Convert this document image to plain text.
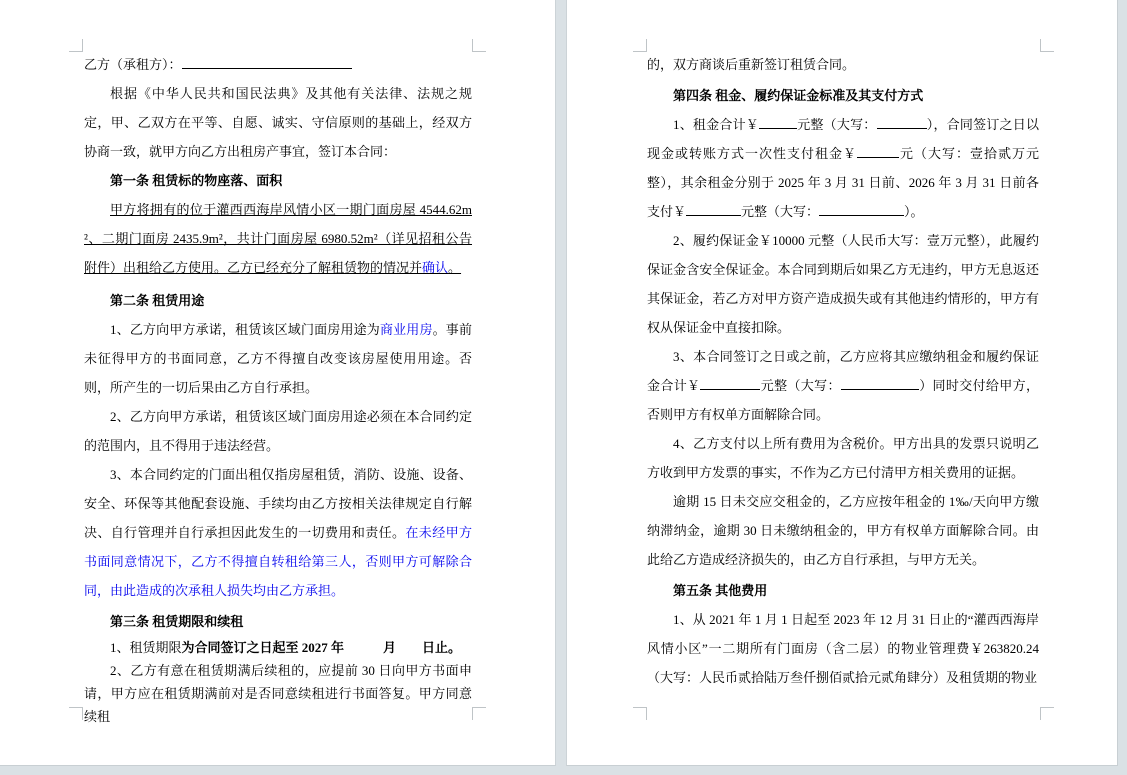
乙方（承租方）：

根据《中华人民共和国民法典》及其他有关法律、法规之规定，甲、乙双方在平等、自愿、诚实、守信原则的基础上，经双方协商一致，就甲方向乙方出租房产事宜，签订本合同：

第一条 租赁标的物座落、面积

甲方将拥有的位于灌西西海岸风情小区一期门面房屋 4544.62m²、二期门面房 2435.9m²，共计门面房屋 6980.52m²（详见招租公告附件）出租给乙方使用。乙方已经充分了解租赁物的情况并确认。

第二条 租赁用途

1、乙方向甲方承诺，租赁该区域门面房用途为商业用房。事前未征得甲方的书面同意，乙方不得擅自改变该房屋使用用途。否则，所产生的一切后果由乙方自行承担。

2、乙方向甲方承诺，租赁该区域门面房用途必须在本合同约定的范围内，且不得用于违法经营。

3、本合同约定的门面出租仅指房屋租赁，消防、设施、设备、安全、环保等其他配套设施、手续均由乙方按相关法律规定自行解决、自行管理并自行承担因此发生的一切费用和责任。在未经甲方书面同意情况下，乙方不得擅自转租给第三人，否则甲方可解除合同，由此造成的次承租人损失均由乙方承担。

第三条 租赁期限和续租

1、租赁期限为合同签订之日起至 2027 年　　　月　　日止。

2、乙方有意在租赁期满后续租的，应提前 30 日向甲方书面申请，甲方应在租赁期满前对是否同意续租进行书面答复。甲方同意续租

的，双方商谈后重新签订租赁合同。

第四条 租金、履约保证金标准及其支付方式

1、租金合计￥	元整（大写：	），合同签订之日以现金或转账方式一次性支付租金￥	元（大写：壹拾贰万元整），其余租金分别于 2025 年 3 月 31 日前、2026 年 3 月 31 日前各支付￥	元整（大写：	）。

2、履约保证金￥10000 元整（人民币大写：壹万元整），此履约保证金含安全保证金。本合同到期后如果乙方无违约，甲方无息返还其保证金，若乙方对甲方资产造成损失或有其他违约情形的，甲方有权从保证金中直接扣除。

3、本合同签订之日或之前，乙方应将其应缴纳租金和履约保证金合计￥	元整（大写：	）同时交付给甲方，否则甲方有权单方面解除合同。

4、乙方支付以上所有费用为含税价。甲方出具的发票只说明乙方收到甲方发票的事实，不作为乙方已付清甲方相关费用的证据。

逾期 15 日未交应交租金的，乙方应按年租金的 1‰/天向甲方缴纳滞纳金，逾期 30 日未缴纳租金的，甲方有权单方面解除合同。由此给乙方造成经济损失的，由乙方自行承担，与甲方无关。

第五条 其他费用

1、从 2021 年 1 月 1 日起至 2023 年 12 月 31 日止的“灌西西海岸风情小区”一二期所有门面房（含二层）的物业管理费￥263820.24（大写：人民币贰拾陆万叁仟捌佰贰拾元贰角肆分）及租赁期的物业
